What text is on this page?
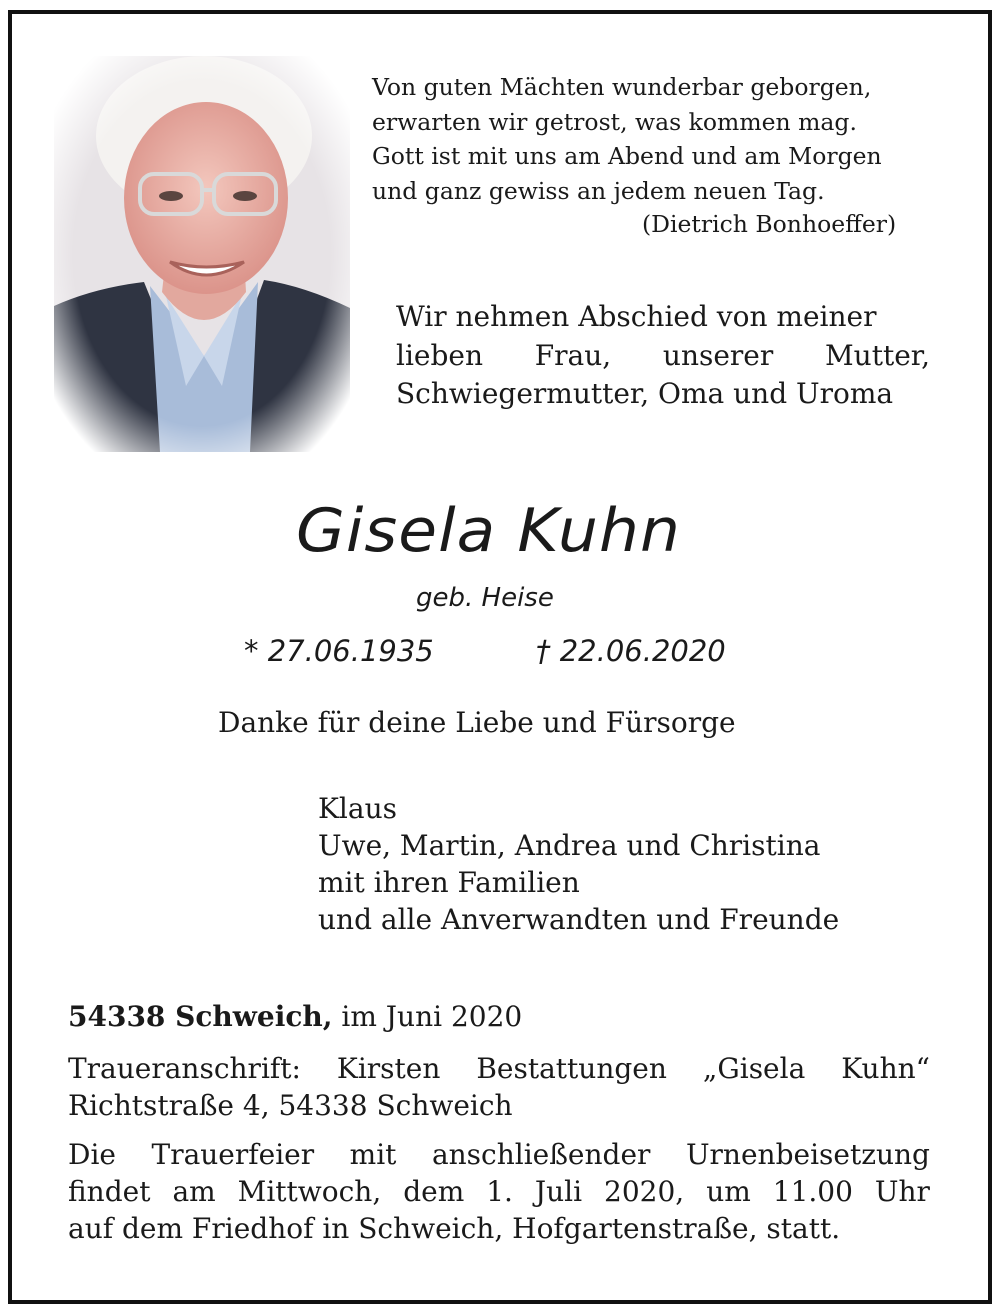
Von guten Mächten wunderbar geborgen,
erwarten wir getrost, was kommen mag.
Gott ist mit uns am Abend und am Morgen
und ganz gewiss an jedem neuen Tag.
(Dietrich Bonhoeffer)
Wir nehmen Abschied von meiner
lieben Frau, unserer Mutter,
Schwiegermutter, Oma und Uroma
Gisela Kuhn
geb. Heise
* 27.06.1935	† 22.06.2020
Danke für deine Liebe und Fürsorge
Klaus
Uwe, Martin, Andrea und Christina
mit ihren Familien
und alle Anverwandten und Freunde
54338 Schweich, im Juni 2020
Traueranschrift: Kirsten Bestattungen „Gisela Kuhn“
Richtstraße 4, 54338 Schweich
Die Trauerfeier mit anschließender Urnenbeisetzung
findet am Mittwoch, dem 1. Juli 2020, um 11.00 Uhr
auf dem Friedhof in Schweich, Hofgartenstraße, statt.
